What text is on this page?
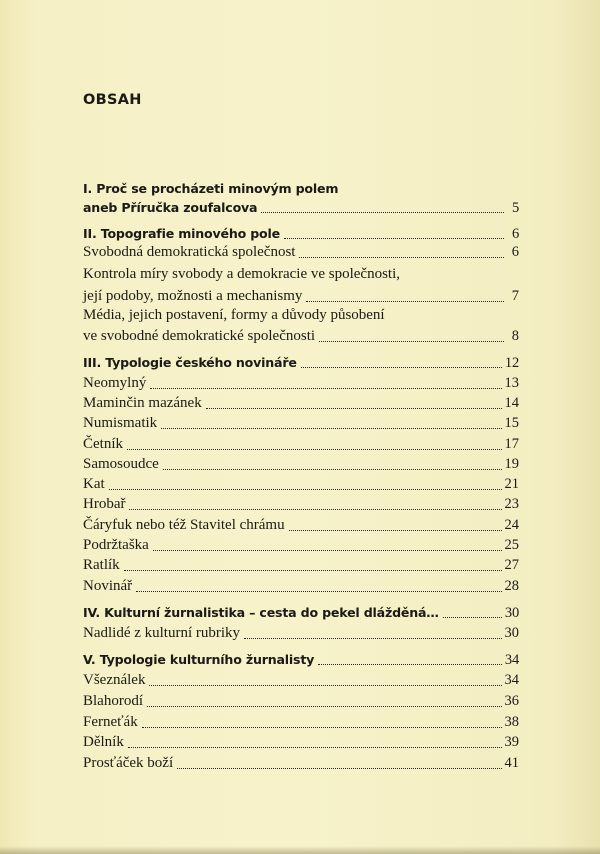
OBSAH
I. Proč se procházeti minovým polem
aneb Příručka zoufalcova	5
II. Topografie minového pole	6
Svobodná demokratická společnost	6
Kontrola míry svobody a demokracie ve společnosti,
její podoby, možnosti a mechanismy	7
Média, jejich postavení, formy a důvody působení
ve svobodné demokratické společnosti	8
III. Typologie českého novináře	12
Neomylný	13
Maminčin mazánek	14
Numismatik	15
Četník	17
Samosoudce	19
Kat	21
Hrobař	23
Čáryfuk nebo též Stavitel chrámu	24
Podržtaška	25
Ratlík	27
Novinář	28
IV. Kulturní žurnalistika – cesta do pekel dlážděná…	30
Nadlidé z kulturní rubriky	30
V. Typologie kulturního žurnalisty	34
Všeználek	34
Blahorodí	36
Ferneťák	38
Dělník	39
Prosťáček boží	41
